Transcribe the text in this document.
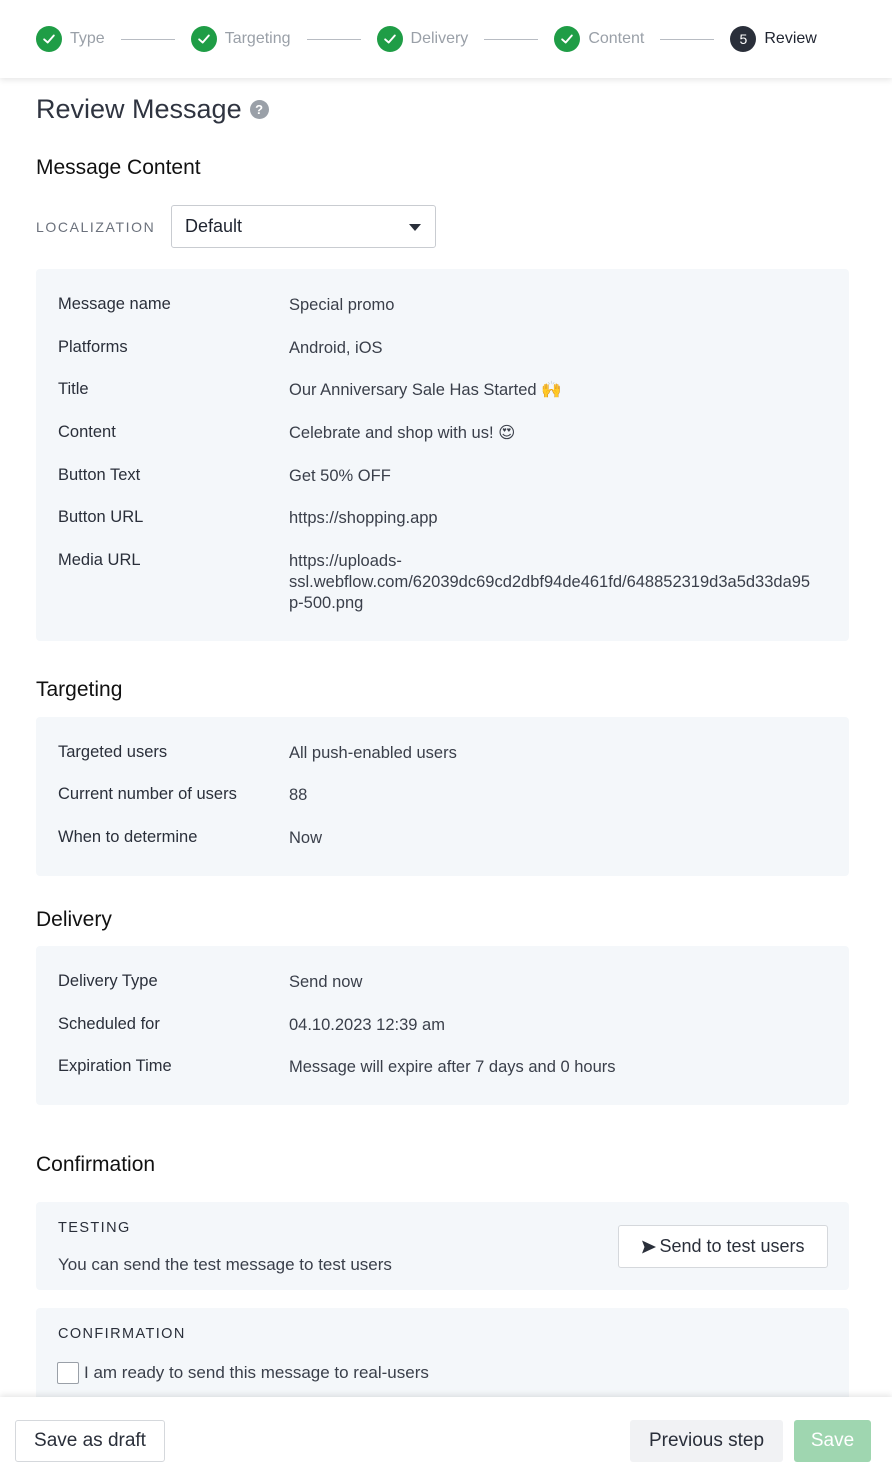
Type	Targeting	Delivery	Content	5	Review
Review Message	?
Message Content
LOCALIZATION Default
Message name	Special promo
Platforms	Android, iOS
Title	Our Anniversary Sale Has Started 🙌
Content	Celebrate and shop with us! 😍
Button Text	Get 50% OFF
Button URL	https://shopping.app
Media URL	https://uploads-
ssl.webflow.com/62039dc69cd2dbf94de461fd/648852319d3a5d33da95
p-500.png
Targeting
Targeted users	All push-enabled users
Current number of users	88
When to determine	Now
Delivery
Delivery Type	Send now
Scheduled for	04.10.2023 12:39 am
Expiration Time	Message will expire after 7 days and 0 hours
Confirmation
TESTING
You can send the test message to test users
Send to test users
CONFIRMATION
I am ready to send this message to real-users
Save as draft	Previous step	Save
